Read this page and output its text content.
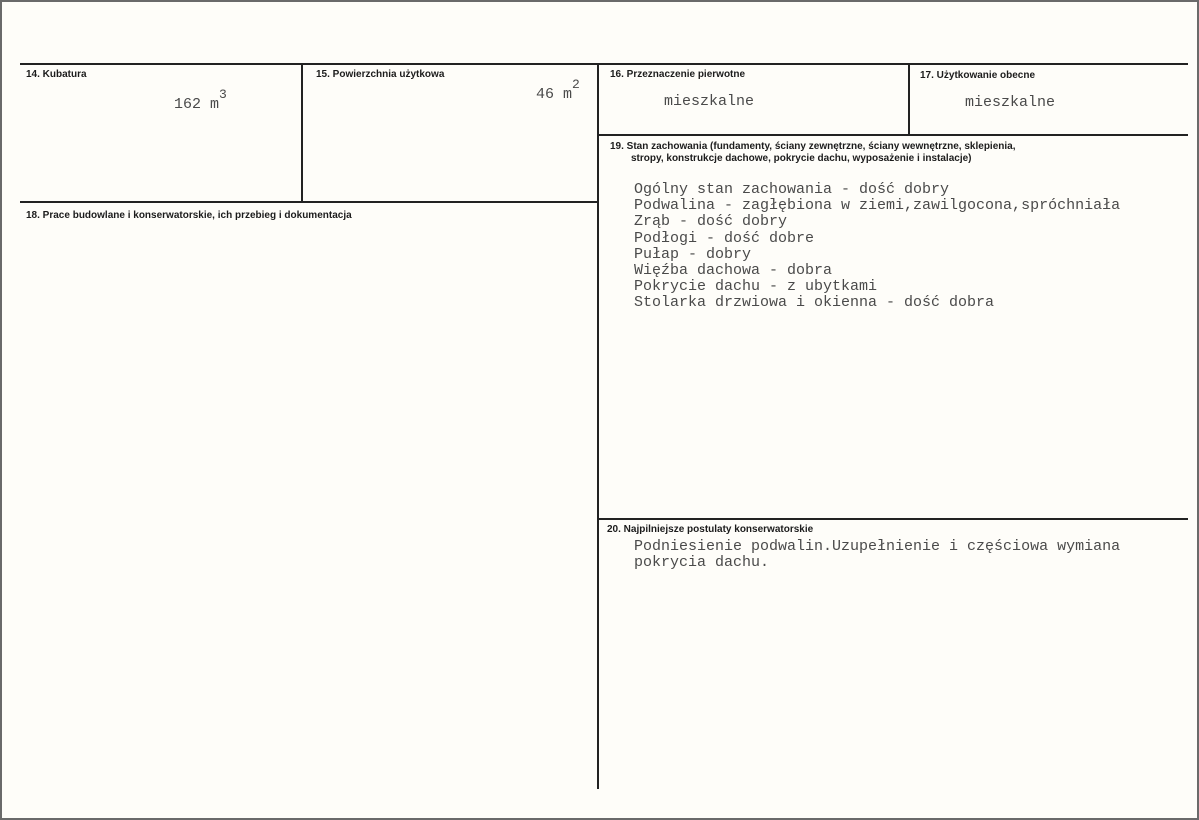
14. Kubatura
162 $m^3$
15. Powierzchnia użytkowa
46 $m^2$
16. Przeznaczenie pierwotne
mieszkalne
17. Użytkowanie obecne
mieszkalne
18. Prace budowlane i konserwatorskie, ich przebieg i dokumentacja
19. Stan zachowania (fundamenty, ściany zewnętrzne, ściany wewnętrzne, sklepienia,
stropy, konstrukcje dachowe, pokrycie dachu, wyposażenie i instalacje)
Ogólny stan zachowania - dość dobry
Podwalina - zagłębiona w ziemi,zawilgocona,spróchniała
Zrąb - dość dobry
Podłogi - dość dobre
Pułap - dobry
Więźba dachowa - dobra
Pokrycie dachu - z ubytkami
Stolarka drzwiowa i okienna - dość dobra
20. Najpilniejsze postulaty konserwatorskie
Podniesienie podwalin.Uzupełnienie i częściowa wymiana
pokrycia dachu.
